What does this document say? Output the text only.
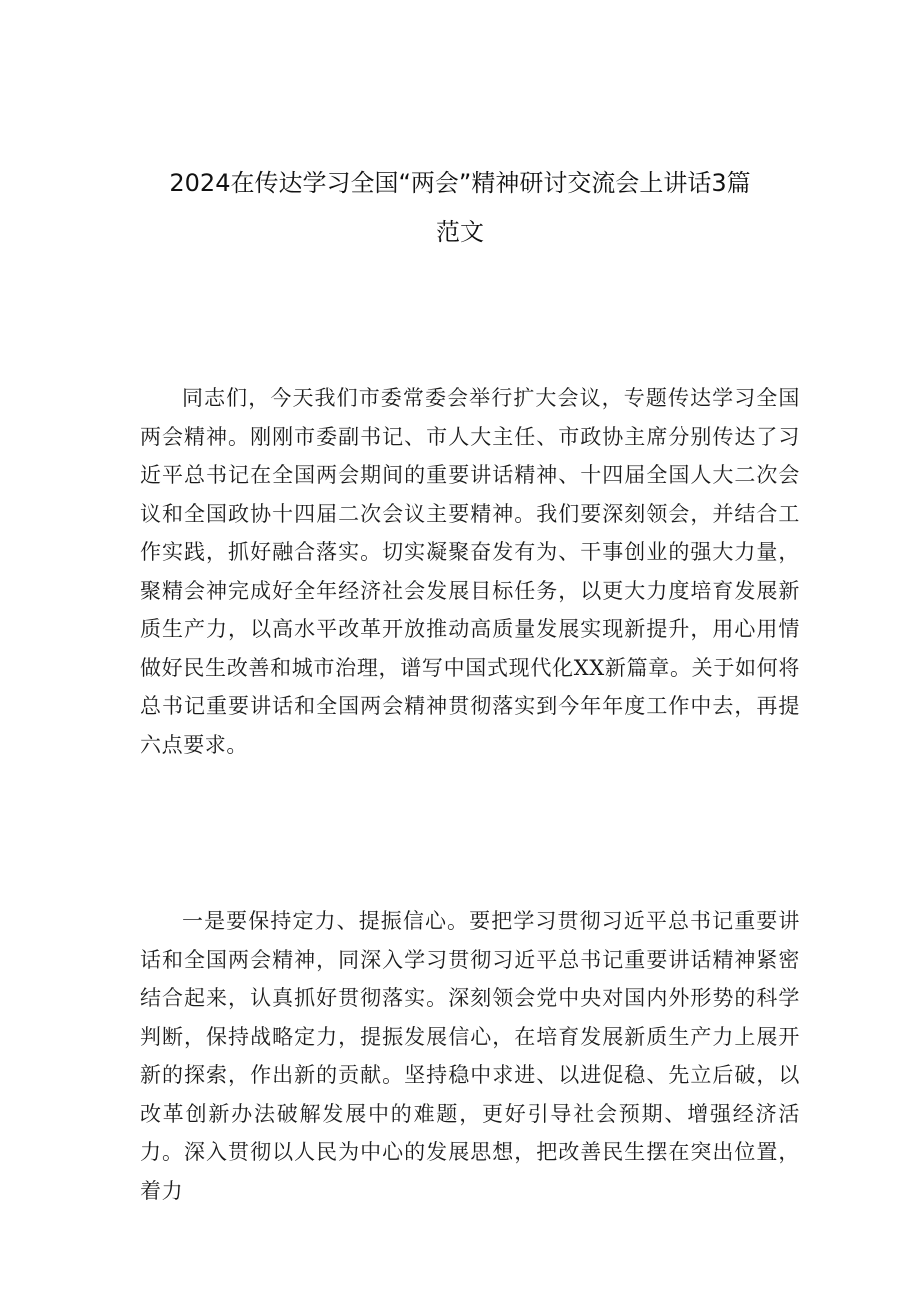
2024在传达学习全国“两会”精神研讨交流会上讲话3篇
范文

同志们，今天我们市委常委会举行扩大会议，专题传达学习全国两会精神。刚刚市委副书记、市人大主任、市政协主席分别传达了习近平总书记在全国两会期间的重要讲话精神、十四届全国人大二次会议和全国政协十四届二次会议主要精神。我们要深刻领会，并结合工作实践，抓好融合落实。切实凝聚奋发有为、干事创业的强大力量，聚精会神完成好全年经济社会发展目标任务，以更大力度培育发展新质生产力，以高水平改革开放推动高质量发展实现新提升，用心用情做好民生改善和城市治理，谱写中国式现代化XX新篇章。关于如何将总书记重要讲话和全国两会精神贯彻落实到今年年度工作中去，再提六点要求。

一是要保持定力、提振信心。要把学习贯彻习近平总书记重要讲话和全国两会精神，同深入学习贯彻习近平总书记重要讲话精神紧密结合起来，认真抓好贯彻落实。深刻领会党中央对国内外形势的科学判断，保持战略定力，提振发展信心，在培育发展新质生产力上展开新的探索，作出新的贡献。坚持稳中求进、以进促稳、先立后破，以改革创新办法破解发展中的难题，更好引导社会预期、增强经济活力。深入贯彻以人民为中心的发展思想，把改善民生摆在突出位置，着力
